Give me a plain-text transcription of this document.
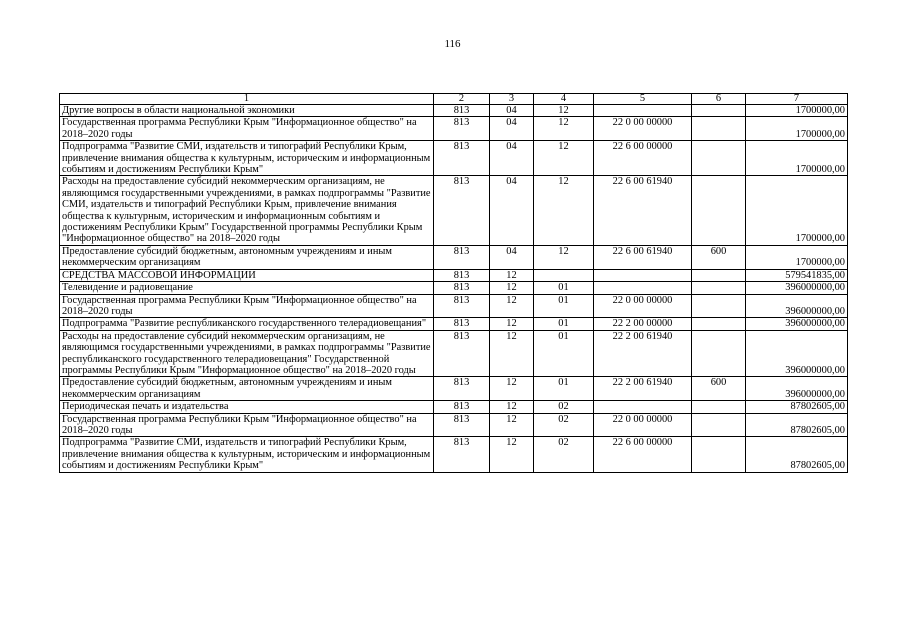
116
1	2	3	4	5	6	7
Другие вопросы в области национальной экономики	813	04	12			1700000,00
Государственная программа Республики Крым "Информационное общество" на 2018–2020 годы	813	04	12	22 0 00 00000		1700000,00
Подпрограмма "Развитие СМИ, издательств и типографий Республики Крым, привлечение внимания общества к культурным, историческим и информационным событиям и достижениям Республики Крым"	813	04	12	22 6 00 00000		1700000,00
Расходы на предоставление субсидий некоммерческим организациям, не являющимся государственными учреждениями, в рамках подпрограммы "Развитие СМИ, издательств и типографий Республики Крым, привлечение внимания общества к культурным, историческим и информационным событиям и достижениям Республики Крым" Государственной программы Республики Крым "Информационное общество" на 2018–2020 годы	813	04	12	22 6 00 61940		1700000,00
Предоставление субсидий бюджетным, автономным учреждениям и иным некоммерческим организациям	813	04	12	22 6 00 61940	600	1700000,00
СРЕДСТВА МАССОВОЙ ИНФОРМАЦИИ	813	12				579541835,00
Телевидение и радиовещание	813	12	01			396000000,00
Государственная программа Республики Крым "Информационное общество" на 2018–2020 годы	813	12	01	22 0 00 00000		396000000,00
Подпрограмма "Развитие республиканского государственного телерадиовещания"	813	12	01	22 2 00 00000		396000000,00
Расходы на предоставление субсидий некоммерческим организациям, не являющимся государственными учреждениями, в рамках подпрограммы "Развитие республиканского государственного телерадиовещания" Государственной программы Республики Крым "Информационное общество" на 2018–2020 годы	813	12	01	22 2 00 61940		396000000,00
Предоставление субсидий бюджетным, автономным учреждениям и иным некоммерческим организациям	813	12	01	22 2 00 61940	600	396000000,00
Периодическая печать и издательства	813	12	02			87802605,00
Государственная программа Республики Крым "Информационное общество" на 2018–2020 годы	813	12	02	22 0 00 00000		87802605,00
Подпрограмма "Развитие СМИ, издательств и типографий Республики Крым, привлечение внимания общества к культурным, историческим и информационным событиям и достижениям Республики Крым"	813	12	02	22 6 00 00000		87802605,00
